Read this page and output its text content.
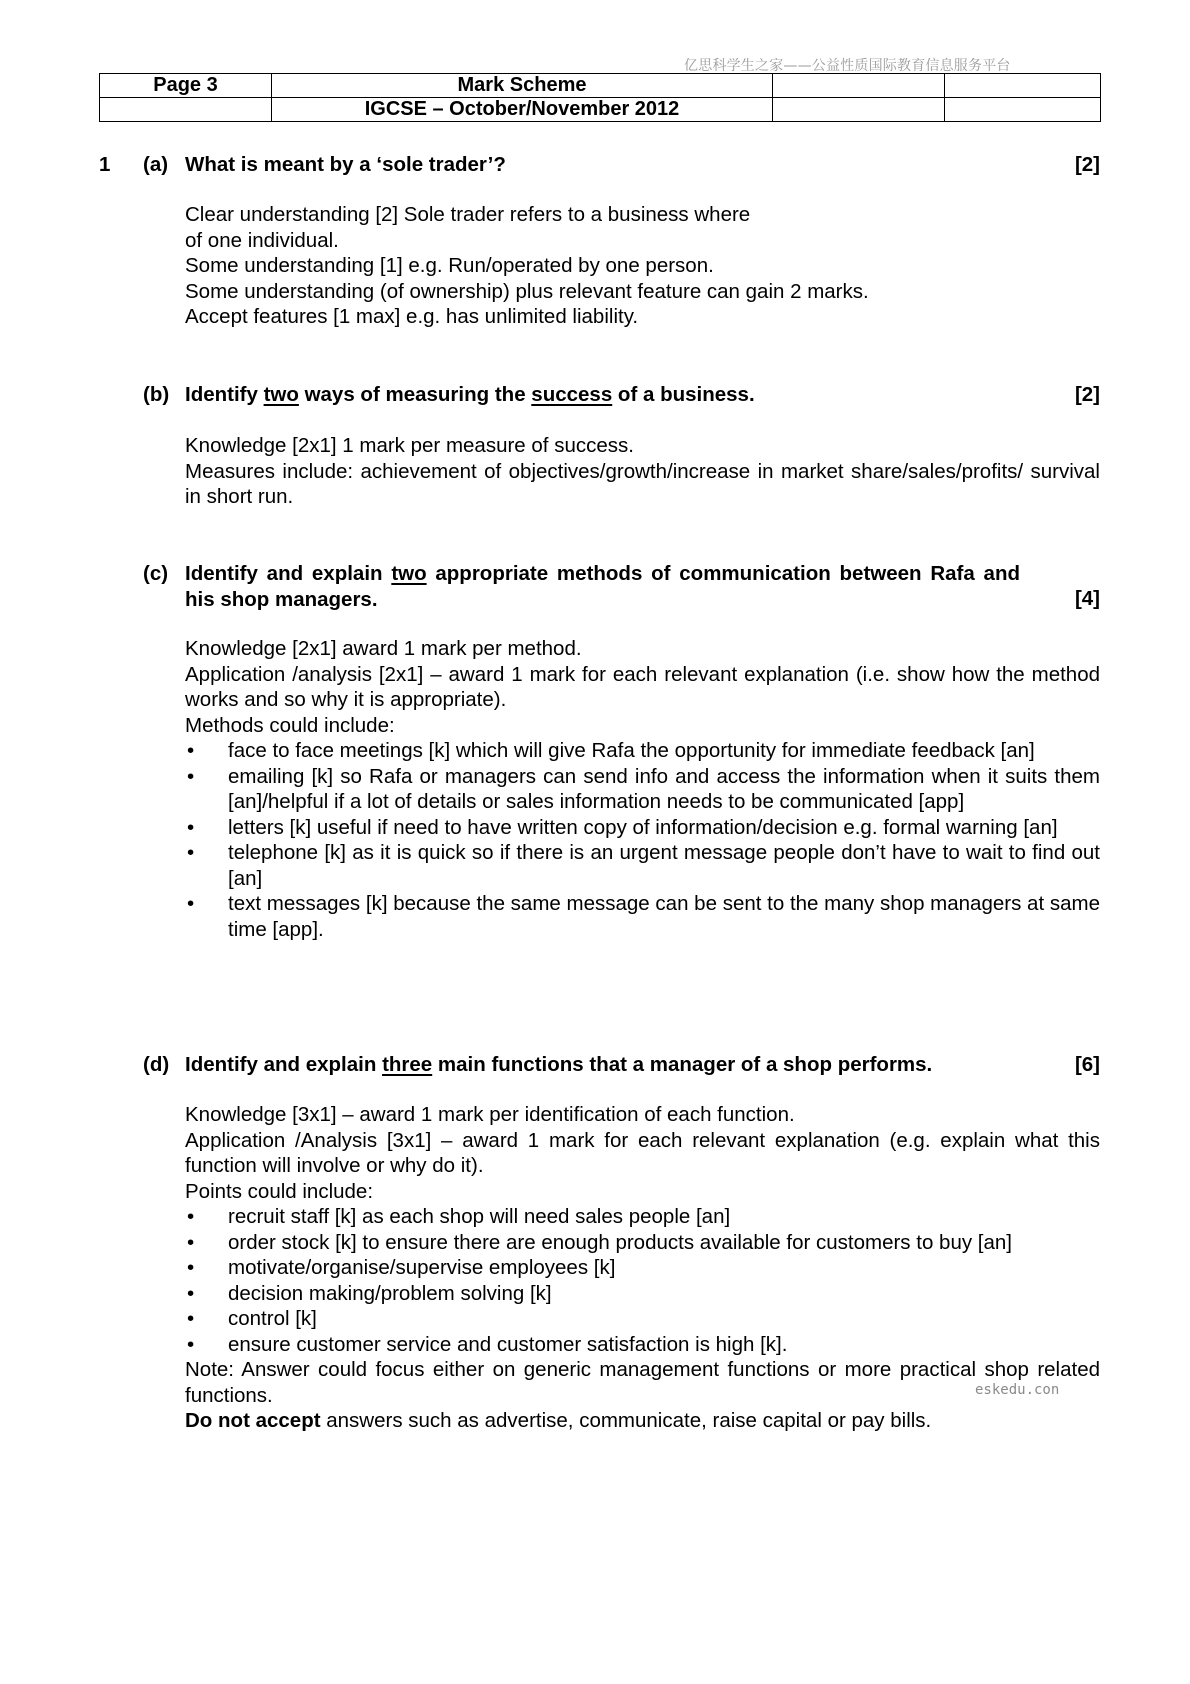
亿思科学生之家——公益性质国际教育信息服务平台
Page 3	Mark Scheme		
	IGCSE – October/November 2012		
1 (a) What is meant by a ‘sole trader’?	[2]

Clear understanding [2] Sole trader refers to a business where

of one individual.

Some understanding [1] e.g. Run/operated by one person.

Some understanding (of ownership) plus relevant feature can gain 2 marks.

Accept features [1 max] e.g. has unlimited liability.

(b) Identify two ways of measuring the success of a business.	[2]

Knowledge [2x1] 1 mark per measure of success.

Measures include: achievement of objectives/growth/increase in market share/sales/profits/ survival in short run.

(c) Identify and explain two appropriate methods of communication between Rafa and his shop managers.	[4]

Knowledge [2x1] award 1 mark per method.

Application /analysis [2x1] – award 1 mark for each relevant explanation (i.e. show how the method works and so why it is appropriate).

Methods could include:

• face to face meetings [k] which will give Rafa the opportunity for immediate feedback [an]
• emailing [k] so Rafa or managers can send info and access the information when it suits them [an]/helpful if a lot of details or sales information needs to be communicated [app]
• letters [k] useful if need to have written copy of information/decision e.g. formal warning [an]
• telephone [k] as it is quick so if there is an urgent message people don’t have to wait to find out [an]
• text messages [k] because the same message can be sent to the many shop managers at same time [app].
(d) Identify and explain three main functions that a manager of a shop performs.	[6]

Knowledge [3x1] – award 1 mark per identification of each function.

Application /Analysis [3x1] – award 1 mark for each relevant explanation (e.g. explain what this function will involve or why do it).

Points could include:

• recruit staff [k] as each shop will need sales people [an]
• order stock [k] to ensure there are enough products available for customers to buy [an]
• motivate/organise/supervise employees [k]
• decision making/problem solving [k]
• control [k]
• ensure customer service and customer satisfaction is high [k].

Note: Answer could focus either on generic management functions or more practical shop related functions.

Do not accept answers such as advertise, communicate, raise capital or pay bills.

eskedu.con
